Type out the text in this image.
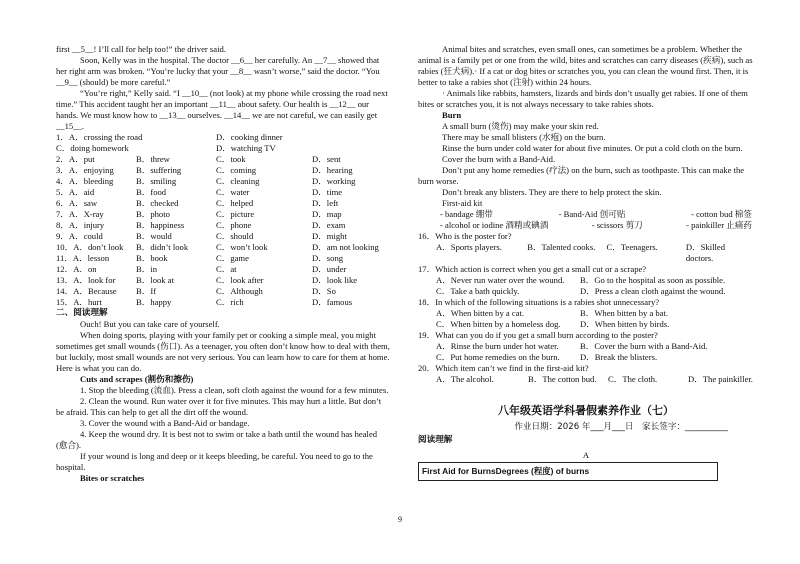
first __5__! I’ll call for help too!” the driver said.

Soon, Kelly was in the hospital. The doctor __6__ her carefully. An __7__ showed that her right arm was broken. “You’re lucky that your __8__ wasn’t worse,” said the doctor. “You __9__ (should) be more careful.”

“You’re right,” Kelly said. “I __10__ (not look) at my phone while crossing the road next time.” This accident taught her an important __11__ about safety. Our health is __12__ our hands. We must know how to __13__ ourselves. __14__ we are not careful, we can easily get __15__.

1．A．crossing the road	D．cooking dinner
C．doing homework	D．watching TV
2．A．put	B．threw	C．took	D．sent
3．A．enjoying	B．suffering	C．coming	D．hearing
4．A．bleeding	B．smiling	C．cleaning	D．working
5．A．aid	B．food	C．water	D．time
6．A．saw	B．checked	C．helped	D．left
7．A．X-ray	B．photo	C．picture	D．map
8．A．injury	B．happiness	C．phone	D．exam
9．A．could	B．would	C．should	D．might
10．A．don’t look	B．didn’t look	C．won’t look	D．am not looking
11．A．lesson	B．book	C．game	D．song
12．A．on	B．in	C．at	D．under
13．A．look for	B．look at	C．look after	D．look like
14．A．Because	B．If	C．Although	D．So
15．A．hurt	B．happy	C．rich	D．famous

二、阅读理解

Ouch! But you can take care of yourself.

When doing sports, playing with your family pet or cooking a simple meal, you might sometimes get small wounds (伤口). As a teenager, you often don’t know how to deal with them, but luckily, most small wounds are not very serious. You can learn how to care for them at home. Here is what you can do.

Cuts and scrapes (割伤和擦伤)

1. Stop the bleeding (流血). Press a clean, soft cloth against the wound for a few minutes.

2. Clean the wound. Run water over it for five minutes. This may hurt a little. But don’t be afraid. This can help to get all the dirt off the wound.

3. Cover the wound with a Band-Aid or bandage.

4. Keep the wound dry. It is best not to swim or take a bath until the wound has healed (愈合).

If your wound is long and deep or it keeps bleeding, be careful. You need to go to the hospital.

Bites or scratches

Animal bites and scratches, even small ones, can sometimes be a problem. Whether the animal is a family pet or one from the wild, bites and scratches can carry diseases (疾病), such as rabies (狂犬病).· If a cat or dog bites or scratches you, you can clean the wound first. Then, it is better to take a rabies shot (注射) within 24 hours.

· Animals like rabbits, hamsters, lizards and birds don’t usually get rabies. If one of them bites or scratches you, it is not always necessary to take rabies shots.

Burn

A small burn (烫伤) may make your skin red.

There may be small blisters (水疱) on the burn.

Rinse the burn under cold water for about five minutes. Or put a cold cloth on the burn.

Cover the burn with a Band-Aid.

Don’t put any home remedies (疗法) on the burn, such as toothpaste. This can make the burn worse.

Don’t break any blisters. They are there to help protect the skin.

First-aid kit

- bandage 绷带	- Band-Aid 创可贴	- cotton bud 棉签
- alcohol or iodine 酒精或碘酒	- scissors 剪刀	- painkiller 止痛药

16．Who is the poster for?

A．Sports players.	B．Talented cooks.	C．Teenagers.	D．Skilled doctors.

17．Which action is correct when you get a small cut or a scrape?

A．Never run water over the wound.	B．Go to the hospital as soon as possible.
C．Take a bath quickly.	D．Press a clean cloth against the wound.

18．In which of the following situations is a rabies shot unnecessary?

A．When bitten by a cat.	B．When bitten by a bat.
C．When bitten by a homeless dog.	D．When bitten by birds.

19．What can you do if you get a small burn according to the poster?

A．Rinse the burn under hot water.	B．Cover the burn with a Band-Aid.
C．Put home remedies on the burn.	D．Break the blisters.

20．Which item can’t we find in the first-aid kit?

A．The alcohol.	B．The cotton bud.	C．The cloth.	D．The painkiller.
八年级英语学科暑假素养作业（七）
作业日期：2026 年___月___日　家长签字：__________
阅读理解
A
First Aid for BurnsDegrees (程度) of burns
9
